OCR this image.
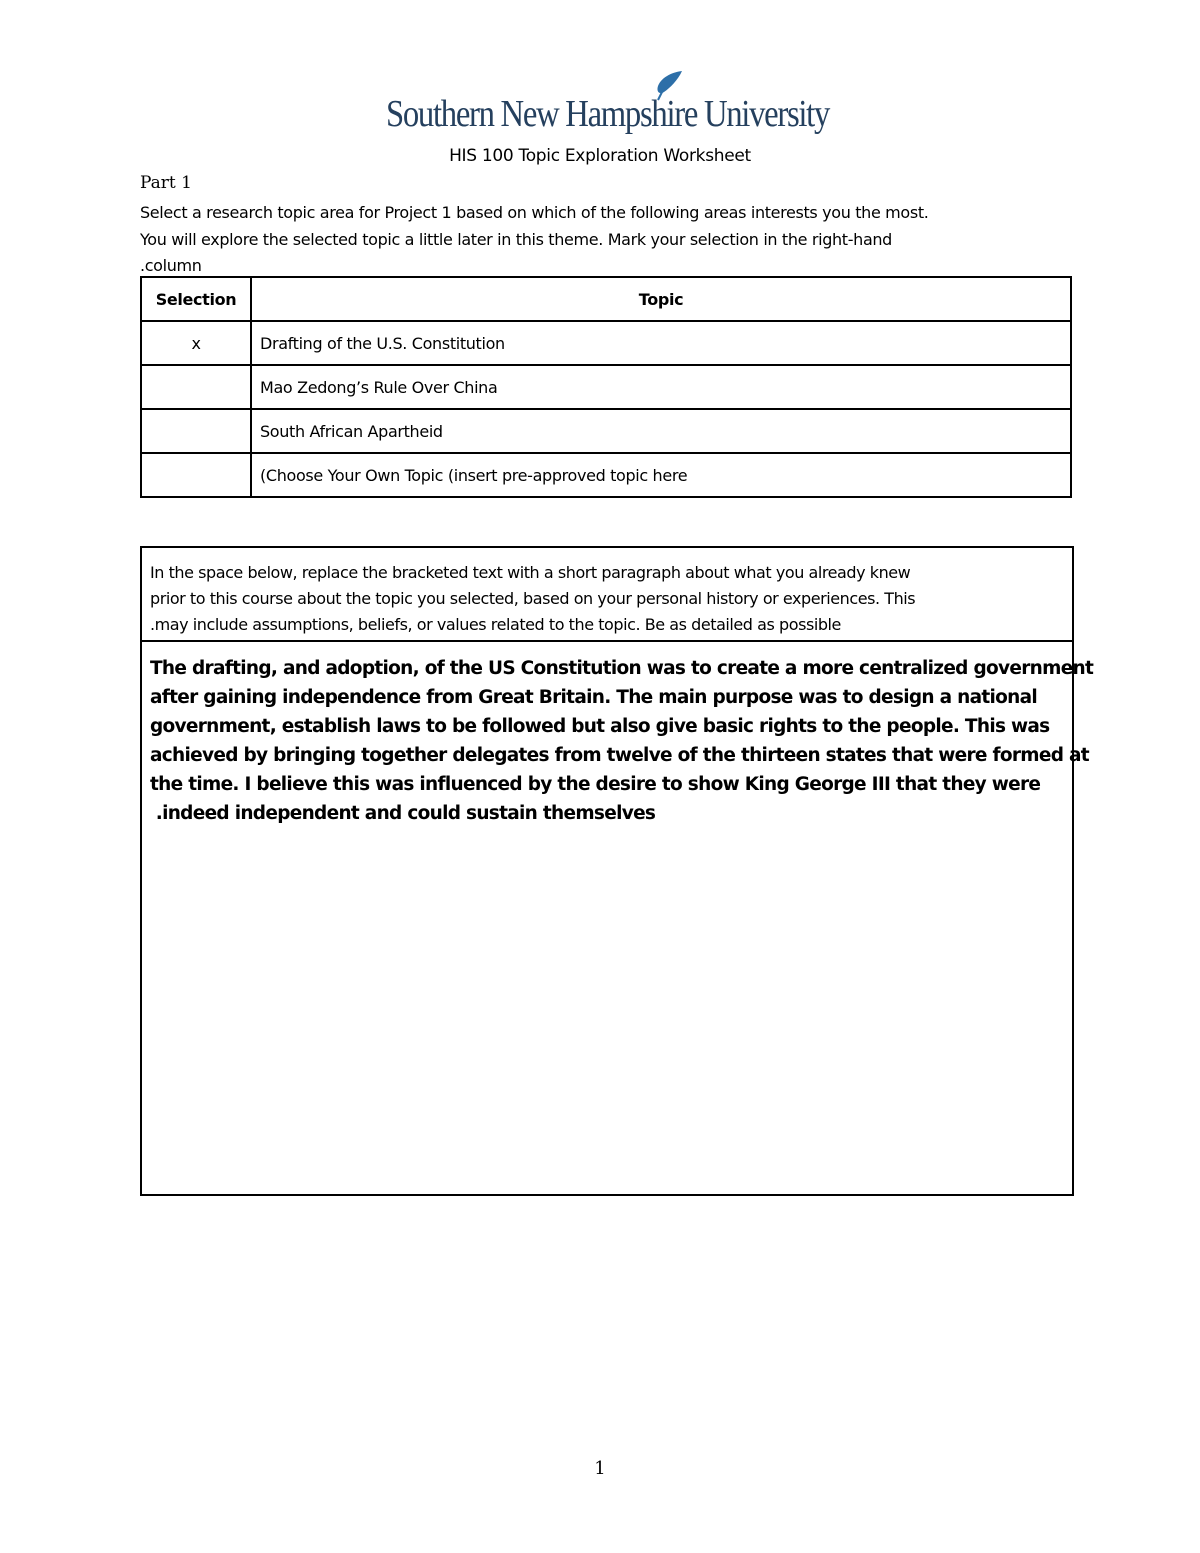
Southern New Hampshire University
HIS 100 Topic Exploration Worksheet
Part 1
Select a research topic area for Project 1 based on which of the following areas interests you the most.
You will explore the selected topic a little later in this theme. Mark your selection in the right-hand
.column
Selection	Topic
x	Drafting of the U.S. Constitution
	Mao Zedong’s Rule Over China
	South African Apartheid
	(Choose Your Own Topic (insert pre-approved topic here
In the space below, replace the bracketed text with a short paragraph about what you already knew
prior to this course about the topic you selected, based on your personal history or experiences. This
.may include assumptions, beliefs, or values related to the topic. Be as detailed as possible
The drafting, and adoption, of the US Constitution was to create a more centralized government
after gaining independence from Great Britain. The main purpose was to design a national
government, establish laws to be followed but also give basic rights to the people. This was
achieved by bringing together delegates from twelve of the thirteen states that were formed at
the time. I believe this was influenced by the desire to show King George III that they were
.indeed independent and could sustain themselves
1
